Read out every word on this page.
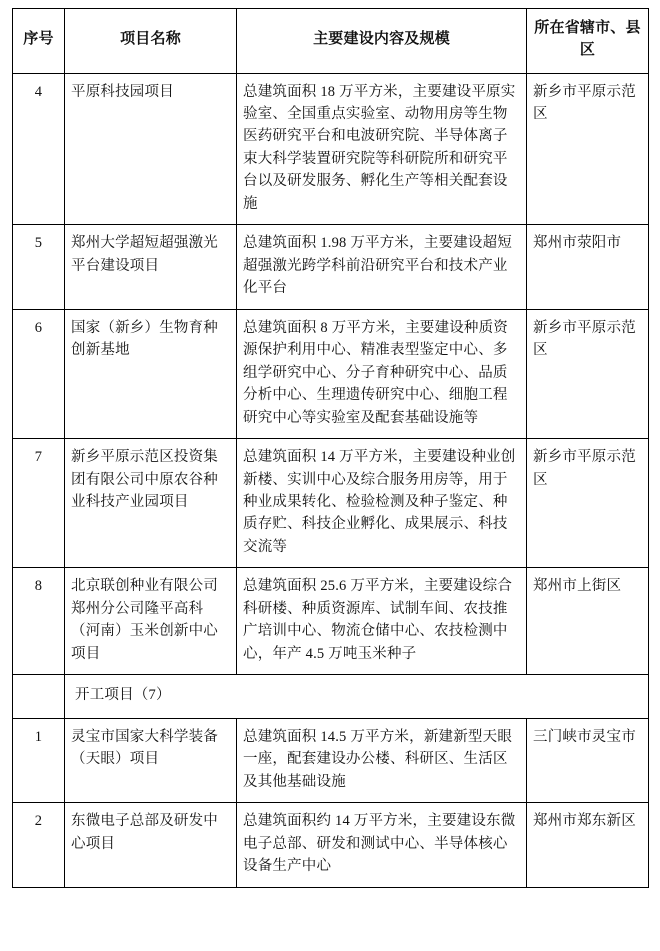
序号	项目名称	主要建设内容及规模	所在省辖市、县区
4	平原科技园项目	总建筑面积 18 万平方米，主要建设平原实验室、全国重点实验室、动物用房等生物医药研究平台和电波研究院、半导体离子束大科学装置研究院等科研院所和研究平台以及研发服务、孵化生产等相关配套设施	新乡市平原示范区
5	郑州大学超短超强激光平台建设项目	总建筑面积 1.98 万平方米，主要建设超短超强激光跨学科前沿研究平台和技术产业化平台	郑州市荥阳市
6	国家（新乡）生物育种创新基地	总建筑面积 8 万平方米，主要建设种质资源保护利用中心、精准表型鉴定中心、多组学研究中心、分子育种研究中心、品质分析中心、生理遗传研究中心、细胞工程研究中心等实验室及配套基础设施等	新乡市平原示范区
7	新乡平原示范区投资集团有限公司中原农谷种业科技产业园项目	总建筑面积 14 万平方米，主要建设种业创新楼、实训中心及综合服务用房等，用于种业成果转化、检验检测及种子鉴定、种质存贮、科技企业孵化、成果展示、科技交流等	新乡市平原示范区
8	北京联创种业有限公司郑州分公司隆平高科（河南）玉米创新中心项目	总建筑面积 25.6 万平方米，主要建设综合科研楼、种质资源库、试制车间、农技推广培训中心、物流仓储中心、农技检测中心，年产 4.5 万吨玉米种子	郑州市上街区
	开工项目（7）		
1	灵宝市国家大科学装备（天眼）项目	总建筑面积 14.5 万平方米，新建新型天眼一座，配套建设办公楼、科研区、生活区及其他基础设施	三门峡市灵宝市
2	东微电子总部及研发中心项目	总建筑面积约 14 万平方米，主要建设东微电子总部、研发和测试中心、半导体核心设备生产中心	郑州市郑东新区
